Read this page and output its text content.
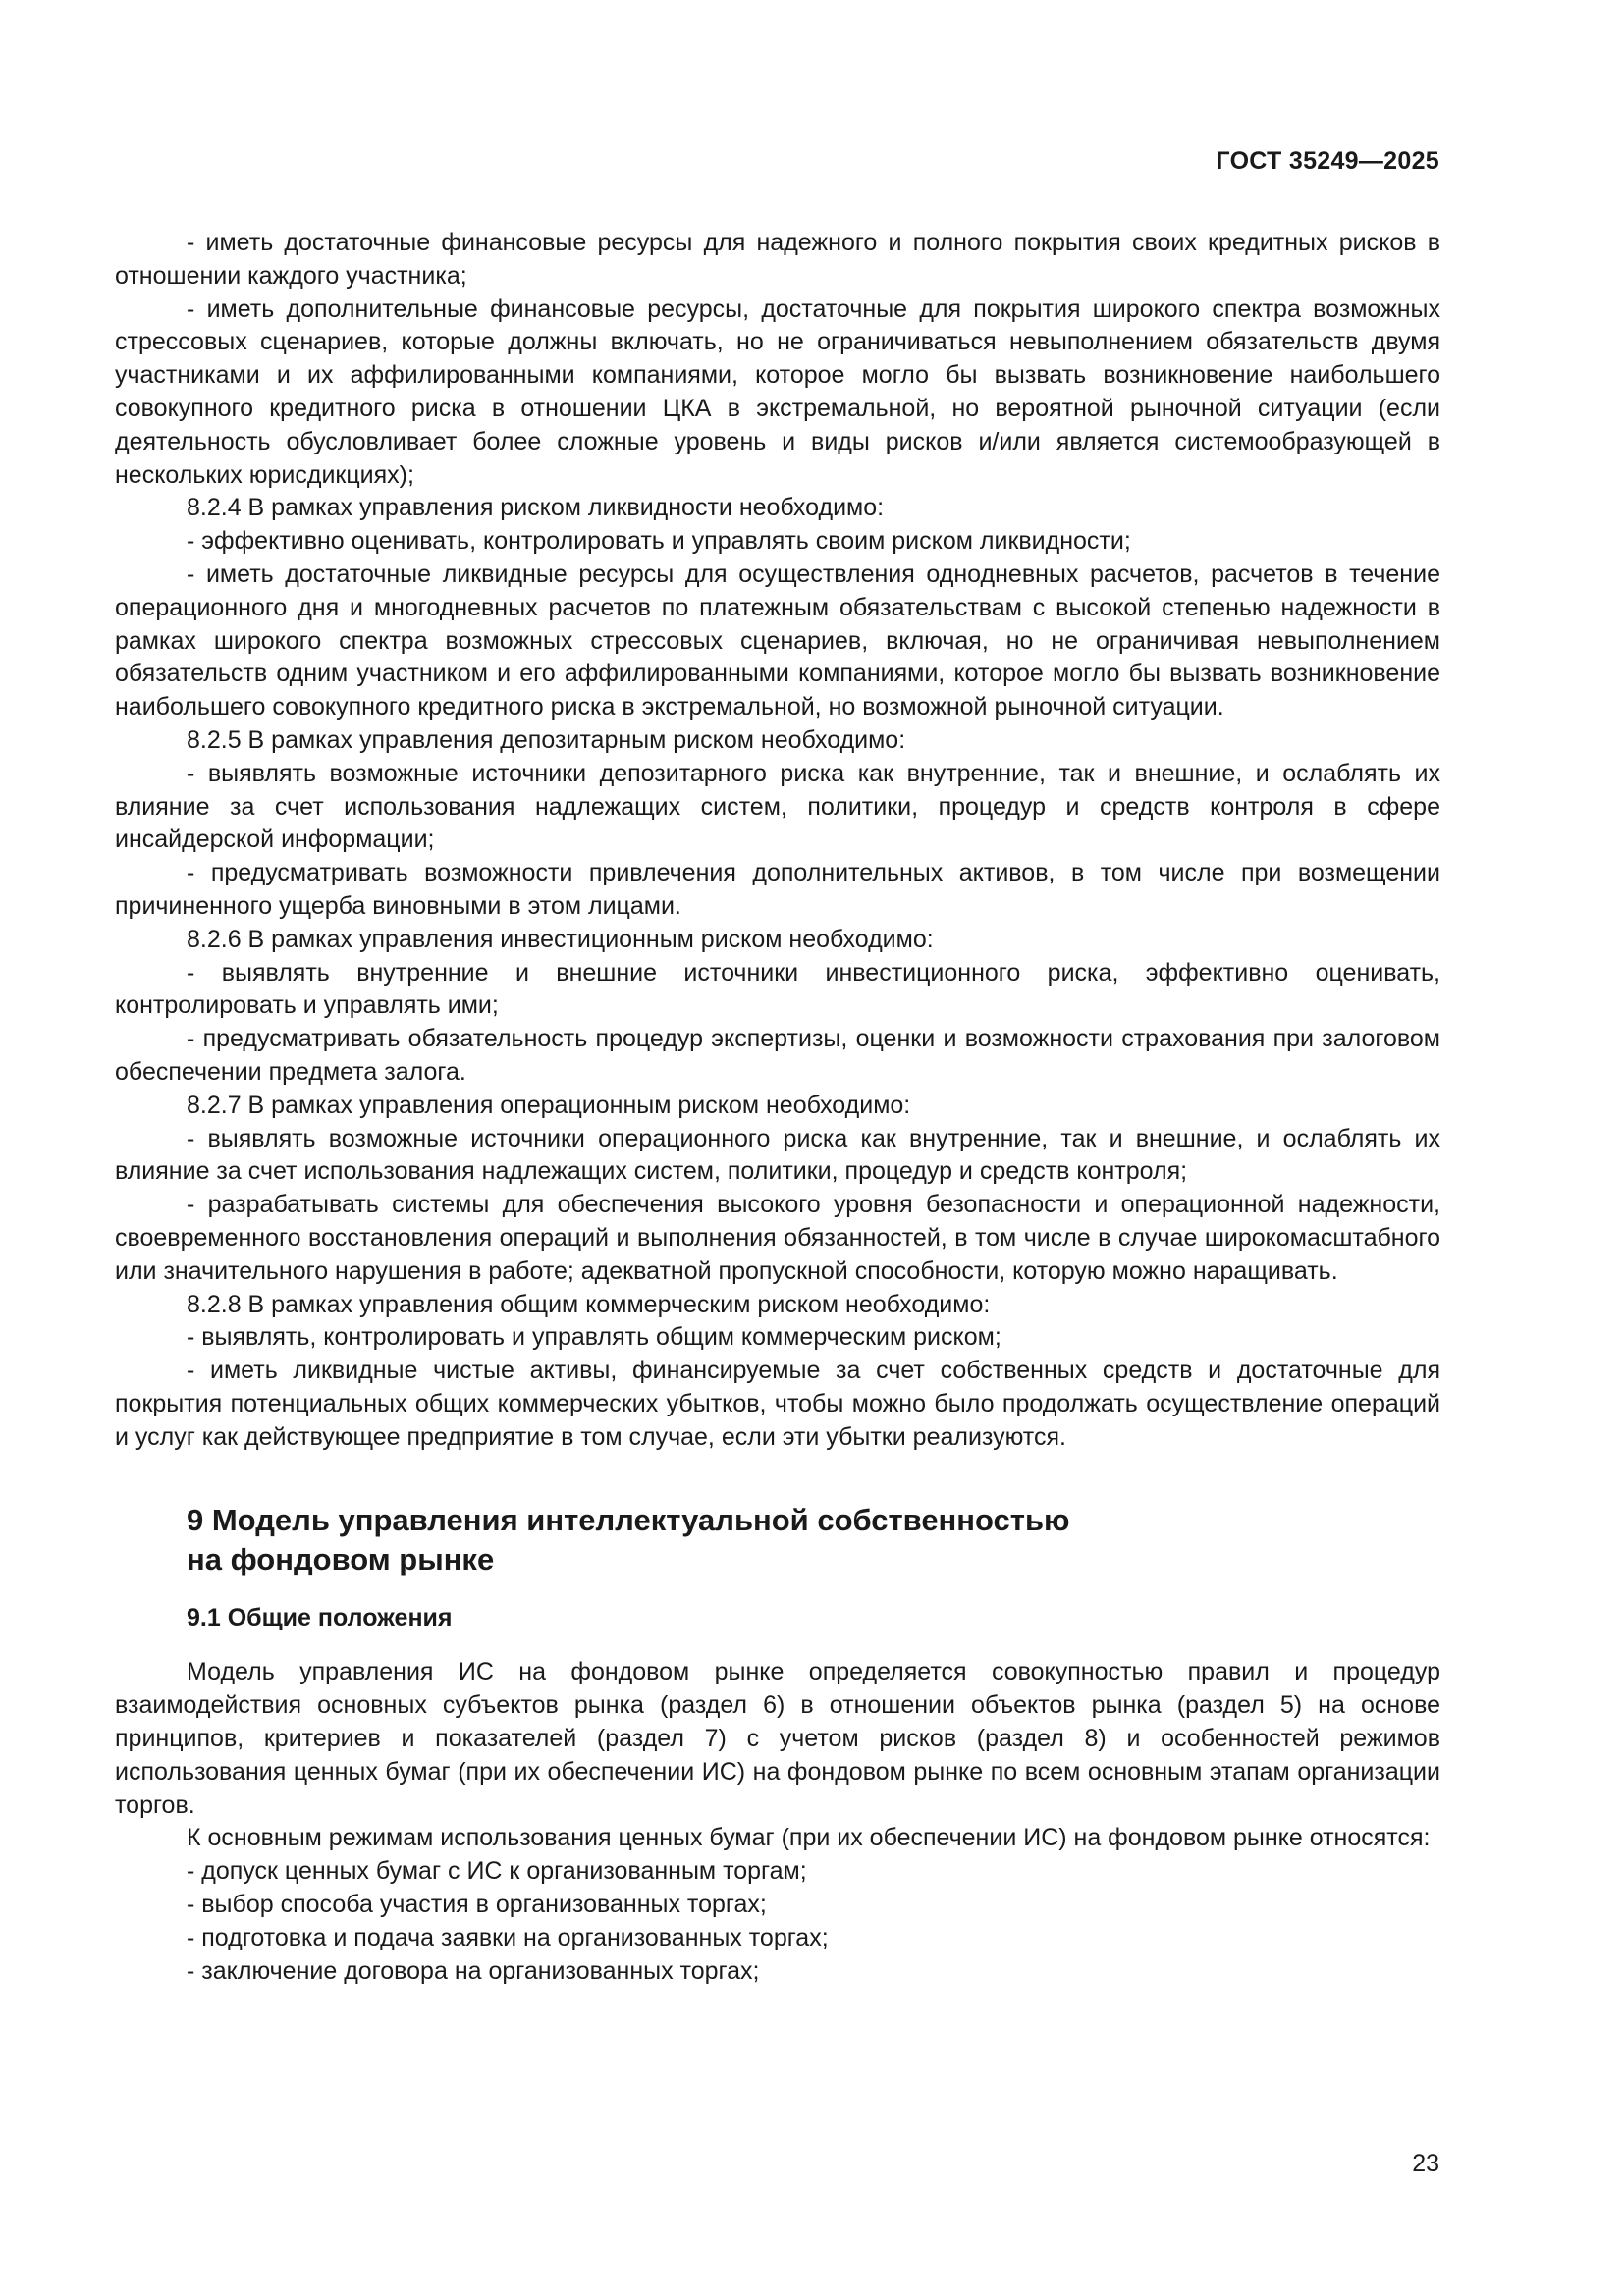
ГОСТ 35249—2025

- иметь достаточные финансовые ресурсы для надежного и полного покрытия своих кредитных рисков в отношении каждого участника;

- иметь дополнительные финансовые ресурсы, достаточные для покрытия широкого спектра возможных стрессовых сценариев, которые должны включать, но не ограничиваться невыполнением обязательств двумя участниками и их аффилированными компаниями, которое могло бы вызвать возникновение наибольшего совокупного кредитного риска в отношении ЦКА в экстремальной, но вероятной рыночной ситуации (если деятельность обусловливает более сложные уровень и виды рисков и/или является системообразующей в нескольких юрисдикциях);

8.2.4 В рамках управления риском ликвидности необходимо:

- эффективно оценивать, контролировать и управлять своим риском ликвидности;

- иметь достаточные ликвидные ресурсы для осуществления однодневных расчетов, расчетов в течение операционного дня и многодневных расчетов по платежным обязательствам с высокой степенью надежности в рамках широкого спектра возможных стрессовых сценариев, включая, но не ограничивая невыполнением обязательств одним участником и его аффилированными компаниями, которое могло бы вызвать возникновение наибольшего совокупного кредитного риска в экстремальной, но возможной рыночной ситуации.

8.2.5 В рамках управления депозитарным риском необходимо:

- выявлять возможные источники депозитарного риска как внутренние, так и внешние, и ослаблять их влияние за счет использования надлежащих систем, политики, процедур и средств контроля в сфере инсайдерской информации;

- предусматривать возможности привлечения дополнительных активов, в том числе при возмещении причиненного ущерба виновными в этом лицами.

8.2.6 В рамках управления инвестиционным риском необходимо:

- выявлять внутренние и внешние источники инвестиционного риска, эффективно оценивать, контролировать и управлять ими;

- предусматривать обязательность процедур экспертизы, оценки и возможности страхования при залоговом обеспечении предмета залога.

8.2.7 В рамках управления операционным риском необходимо:

- выявлять возможные источники операционного риска как внутренние, так и внешние, и ослаблять их влияние за счет использования надлежащих систем, политики, процедур и средств контроля;

- разрабатывать системы для обеспечения высокого уровня безопасности и операционной надежности, своевременного восстановления операций и выполнения обязанностей, в том числе в случае широкомасштабного или значительного нарушения в работе; адекватной пропускной способности, которую можно наращивать.

8.2.8 В рамках управления общим коммерческим риском необходимо:

- выявлять, контролировать и управлять общим коммерческим риском;

- иметь ликвидные чистые активы, финансируемые за счет собственных средств и достаточные для покрытия потенциальных общих коммерческих убытков, чтобы можно было продолжать осуществление операций и услуг как действующее предприятие в том случае, если эти убытки реализуются.

9 Модель управления интеллектуальной собственностью
на фондовом рынке
9.1 Общие положения

Модель управления ИС на фондовом рынке определяется совокупностью правил и процедур взаимодействия основных субъектов рынка (раздел 6) в отношении объектов рынка (раздел 5) на основе принципов, критериев и показателей (раздел 7) с учетом рисков (раздел 8) и особенностей режимов использования ценных бумаг (при их обеспечении ИС) на фондовом рынке по всем основным этапам организации торгов.

К основным режимам использования ценных бумаг (при их обеспечении ИС) на фондовом рынке относятся:

- допуск ценных бумаг с ИС к организованным торгам;

- выбор способа участия в организованных торгах;

- подготовка и подача заявки на организованных торгах;

- заключение договора на организованных торгах;

23
